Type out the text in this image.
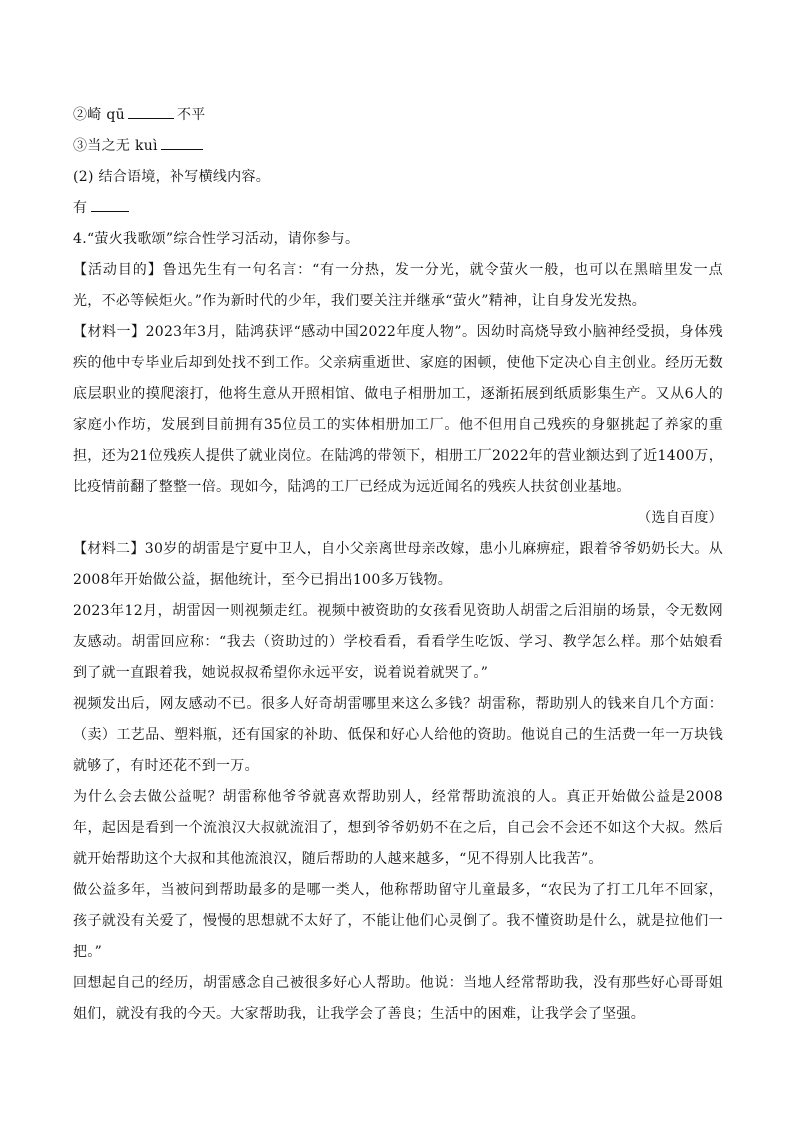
②崎 qū	不平
③当之无 kuì
(2) 结合语境，补写横线内容。
有
4.“萤火我歌颂”综合性学习活动，请你参与。
【活动目的】鲁迅先生有一句名言：“有一分热，发一分光，就令萤火一般，也可以在黑暗里发一点光，不必等候炬火。”作为新时代的少年，我们要关注并继承“萤火”精神，让自身发光发热。
【材料一】2023年3月，陆鸿获评“感动中国2022年度人物”。因幼时高烧导致小脑神经受损，身体残疾的他中专毕业后却到处找不到工作。父亲病重逝世、家庭的困顿，使他下定决心自主创业。经历无数底层职业的摸爬滚打，他将生意从开照相馆、做电子相册加工，逐渐拓展到纸质影集生产。又从6人的家庭小作坊，发展到目前拥有35位员工的实体相册加工厂。他不但用自己残疾的身躯挑起了养家的重担，还为21位残疾人提供了就业岗位。在陆鸿的带领下，相册工厂2022年的营业额达到了近1400万，比疫情前翻了整整一倍。现如今，陆鸿的工厂已经成为远近闻名的残疾人扶贫创业基地。
（选自百度）
【材料二】30岁的胡雷是宁夏中卫人，自小父亲离世母亲改嫁，患小儿麻痹症，跟着爷爷奶奶长大。从2008年开始做公益，据他统计，至今已捐出100多万钱物。
2023年12月，胡雷因一则视频走红。视频中被资助的女孩看见资助人胡雷之后泪崩的场景，令无数网友感动。胡雷回应称：“我去（资助过的）学校看看，看看学生吃饭、学习、教学怎么样。那个姑娘看到了就一直跟着我，她说叔叔希望你永远平安，说着说着就哭了。”
视频发出后，网友感动不已。很多人好奇胡雷哪里来这么多钱？胡雷称，帮助别人的钱来自几个方面：（卖）工艺品、塑料瓶，还有国家的补助、低保和好心人给他的资助。他说自己的生活费一年一万块钱就够了，有时还花不到一万。
为什么会去做公益呢？胡雷称他爷爷就喜欢帮助别人，经常帮助流浪的人。真正开始做公益是2008年，起因是看到一个流浪汉大叔就流泪了，想到爷爷奶奶不在之后，自己会不会还不如这个大叔。然后就开始帮助这个大叔和其他流浪汉，随后帮助的人越来越多，“见不得别人比我苦”。
做公益多年，当被问到帮助最多的是哪一类人，他称帮助留守儿童最多，“农民为了打工几年不回家，孩子就没有关爱了，慢慢的思想就不太好了，不能让他们心灵倒了。我不懂资助是什么，就是拉他们一把。”
回想起自己的经历，胡雷感念自己被很多好心人帮助。他说：当地人经常帮助我，没有那些好心哥哥姐姐们，就没有我的今天。大家帮助我，让我学会了善良；生活中的困难，让我学会了坚强。
